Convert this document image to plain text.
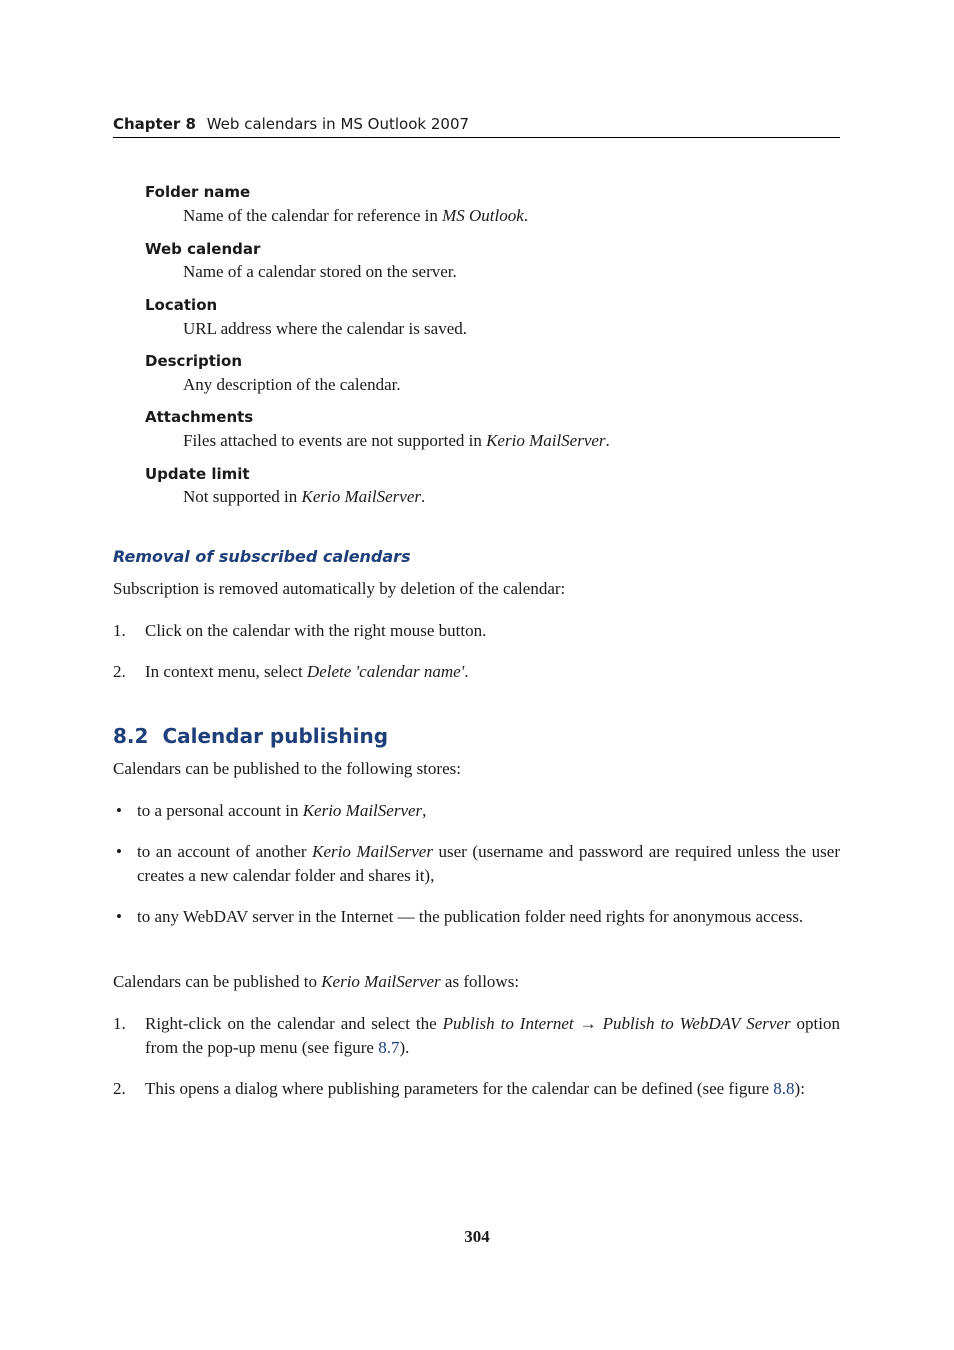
Chapter 8 Web calendars in MS Outlook 2007
Folder name
Name of the calendar for reference in MS Outlook.
Web calendar
Name of a calendar stored on the server.
Location
URL address where the calendar is saved.
Description
Any description of the calendar.
Attachments
Files attached to events are not supported in Kerio MailServer.
Update limit
Not supported in Kerio MailServer.
Removal of subscribed calendars
Subscription is removed automatically by deletion of the calendar:
1. Click on the calendar with the right mouse button.
2. In context menu, select Delete 'calendar name'.
8.2 Calendar publishing
Calendars can be published to the following stores:
• to a personal account in Kerio MailServer,
• to an account of another Kerio MailServer user (username and password are required unless the user creates a new calendar folder and shares it),
• to any WebDAV server in the Internet — the publication folder need rights for anonymous access.
Calendars can be published to Kerio MailServer as follows:
1. Right-click on the calendar and select the Publish to Internet → Publish to WebDAV Server option from the pop-up menu (see figure 8.7).
2. This opens a dialog where publishing parameters for the calendar can be defined (see figure 8.8):
304
